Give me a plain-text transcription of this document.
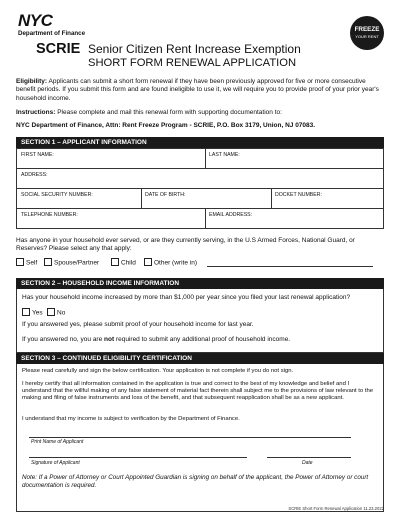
NYC
Department of Finance
SCRIE Senior Citizen Rent Increase Exemption
SHORT FORM RENEWAL APPLICATION
FREEZE
YOUR RENT
Eligibility: Applicants can submit a short form renewal if they have been previously approved for five or more consecutive benefit periods. If you submit this form and are found ineligible to use it, we will require you to provide proof of your prior year's household income.
Instructions: Please complete and mail this renewal form with supporting documentation to:
NYC Department of Finance, Attn: Rent Freeze Program - SCRIE, P.O. Box 3179, Union, NJ 07083.
SECTION 1 – APPLICANT INFORMATION
FIRST NAME:	LAST NAME:
ADDRESS:
SOCIAL SECURITY NUMBER:	DATE OF BIRTH:	DOCKET NUMBER:
TELEPHONE NUMBER:	EMAIL ADDRESS:
Has anyone in your household ever served, or are they currently serving, in the U.S Armed Forces, National Guard, or Reserves? Please select any that apply:
Self	Spouse/Partner	Child	Other (write in)
SECTION 2 – HOUSEHOLD INCOME INFORMATION
Has your household income increased by more than $1,000 per year since you filed your last renewal application?
Yes	No
If you answered yes, please submit proof of your household income for last year.
If you answered no, you are not required to submit any additional proof of household income.
SECTION 3 – CONTINUED ELIGIBILITY CERTIFICATION
Please read carefully and sign the below certification. Your application is not complete if you do not sign.
I hereby certify that all information contained in the application is true and correct to the best of my knowledge and belief and I understand that the willful making of any false statement of material fact therein shall subject me to the provisions of law relevant to the making and filing of false instruments and loss of the benefit, and that subsequent reapplication shall be as a new applicant.
I understand that my income is subject to verification by the Department of Finance.
Print Name of Applicant
Signature of Applicant	Date
Note: If a Power of Attorney or Court Appointed Guardian is signing on behalf of the applicant, the Power of Attorney or court documentation is required.
SCRIE Short Form Renewal Application 11.23.2022
